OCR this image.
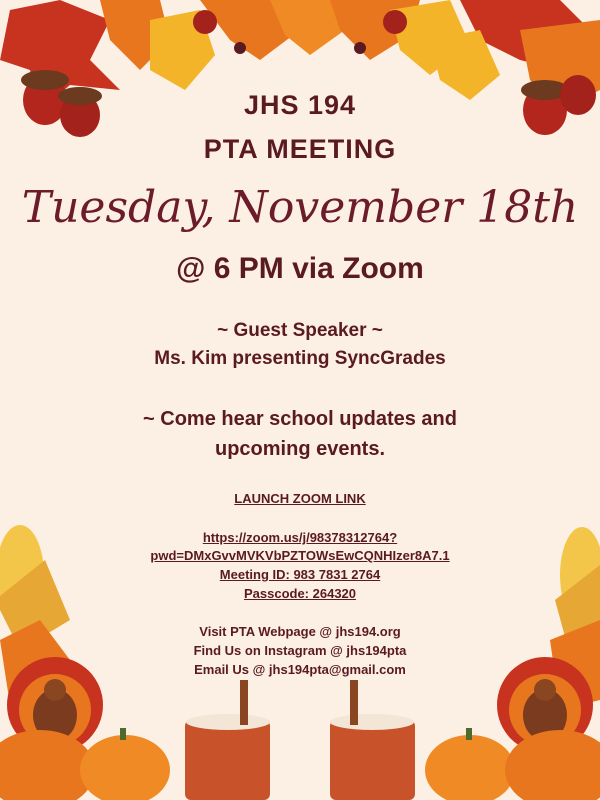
JHS 194
PTA MEETING
Tuesday, November 18th
@ 6 PM via Zoom
~ Guest Speaker ~
Ms. Kim presenting SyncGrades
~ Come hear school updates and
upcoming events.
LAUNCH ZOOM LINK
https://zoom.us/j/98378312764?
pwd=DMxGvvMVKVbPZTOWsEwCQNHIzer8A7.1
Meeting ID: 983 7831 2764
Passcode: 264320
Visit PTA Webpage @ jhs194.org
Find Us on Instagram @ jhs194pta
Email Us @ jhs194pta@gmail.com
